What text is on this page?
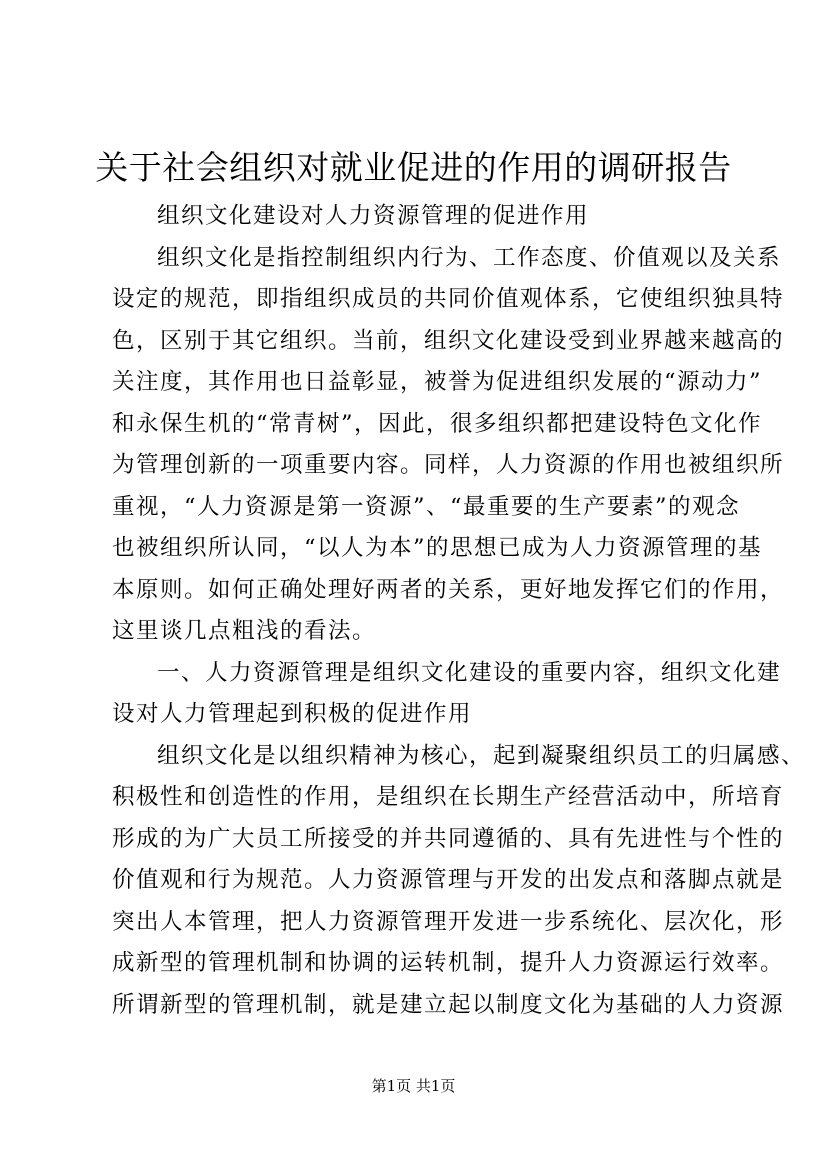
关于社会组织对就业促进的作用的调研报告
组织文化建设对人力资源管理的促进作用
组织文化是指控制组织内行为、工作态度、价值观以及关系
设定的规范，即指组织成员的共同价值观体系，它使组织独具特
色，区别于其它组织。当前，组织文化建设受到业界越来越高的
关注度，其作用也日益彰显，被誉为促进组织发展的“源动力”
和永保生机的“常青树”，因此，很多组织都把建设特色文化作
为管理创新的一项重要内容。同样，人力资源的作用也被组织所
重视，“人力资源是第一资源”、“最重要的生产要素”的观念
也被组织所认同，“以人为本”的思想已成为人力资源管理的基
本原则。如何正确处理好两者的关系，更好地发挥它们的作用，
这里谈几点粗浅的看法。
一、人力资源管理是组织文化建设的重要内容，组织文化建
设对人力管理起到积极的促进作用
组织文化是以组织精神为核心，起到凝聚组织员工的归属感、
积极性和创造性的作用，是组织在长期生产经营活动中，所培育
形成的为广大员工所接受的并共同遵循的、具有先进性与个性的
价值观和行为规范。人力资源管理与开发的出发点和落脚点就是
突出人本管理，把人力资源管理开发进一步系统化、层次化，形
成新型的管理机制和协调的运转机制，提升人力资源运行效率。
所谓新型的管理机制，就是建立起以制度文化为基础的人力资源
第1页 共1页
